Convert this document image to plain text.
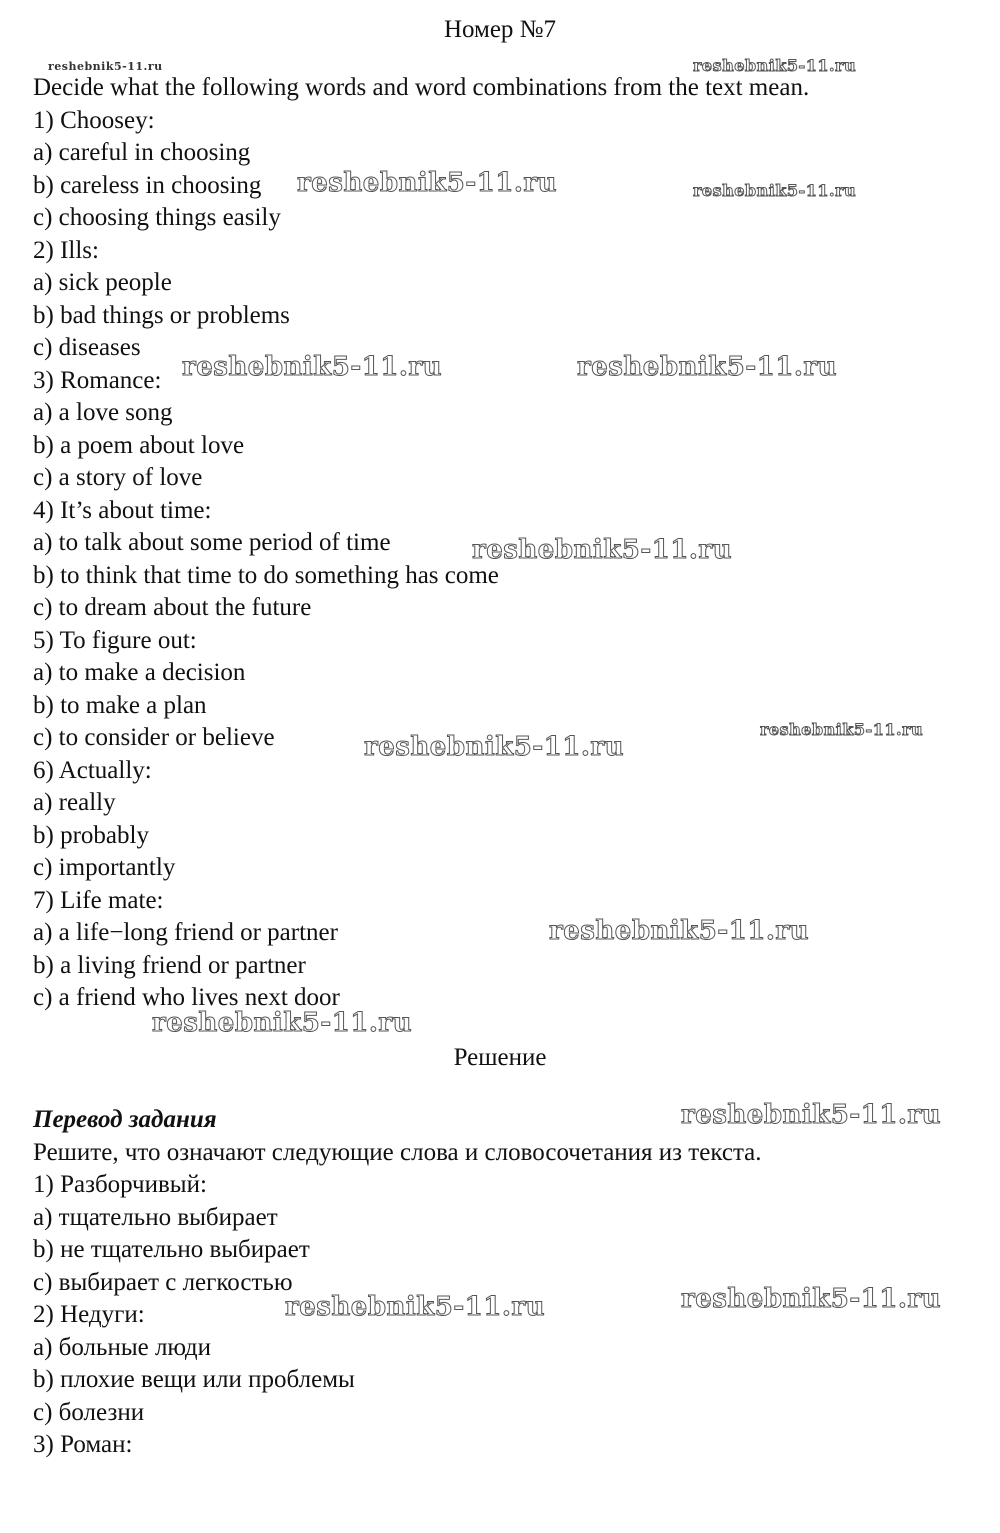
Номер №7
Decide what the following words and word combinations from the text mean.
1) Choosey:
a) careful in choosing
b) careless in choosing
c) choosing things easily
2) Ills:
a) sick people
b) bad things or problems
c) diseases
3) Romance:
a) a love song
b) a poem about love
c) a story of love
4) It’s about time:
a) to talk about some period of time
b) to think that time to do something has come
c) to dream about the future
5) To figure out:
a) to make a decision
b) to make a plan
c) to consider or believe
6) Actually:
a) really
b) probably
c) importantly
7) Life mate:
a) a life−long friend or partner
b) a living friend or partner
c) a friend who lives next door
Решение
Перевод задания
Решите, что означают следующие слова и словосочетания из текста.
1) Разборчивый:
a) тщательно выбирает
b) не тщательно выбирает
c) выбирает с легкостью
2) Недуги:
a) больные люди
b) плохие вещи или проблемы
c) болезни
3) Роман:
reshebnik5-11.ru	reshebnik5-11.ru
reshebnik5-11.ru	reshebnik5-11.ru
reshebnik5-11.ru	reshebnik5-11.ru
reshebnik5-11.ru
reshebnik5-11.ru
reshebnik5-11.ru
reshebnik5-11.ru
reshebnik5-11.ru
reshebnik5-11.ru
reshebnik5-11.ru	reshebnik5-11.ru
